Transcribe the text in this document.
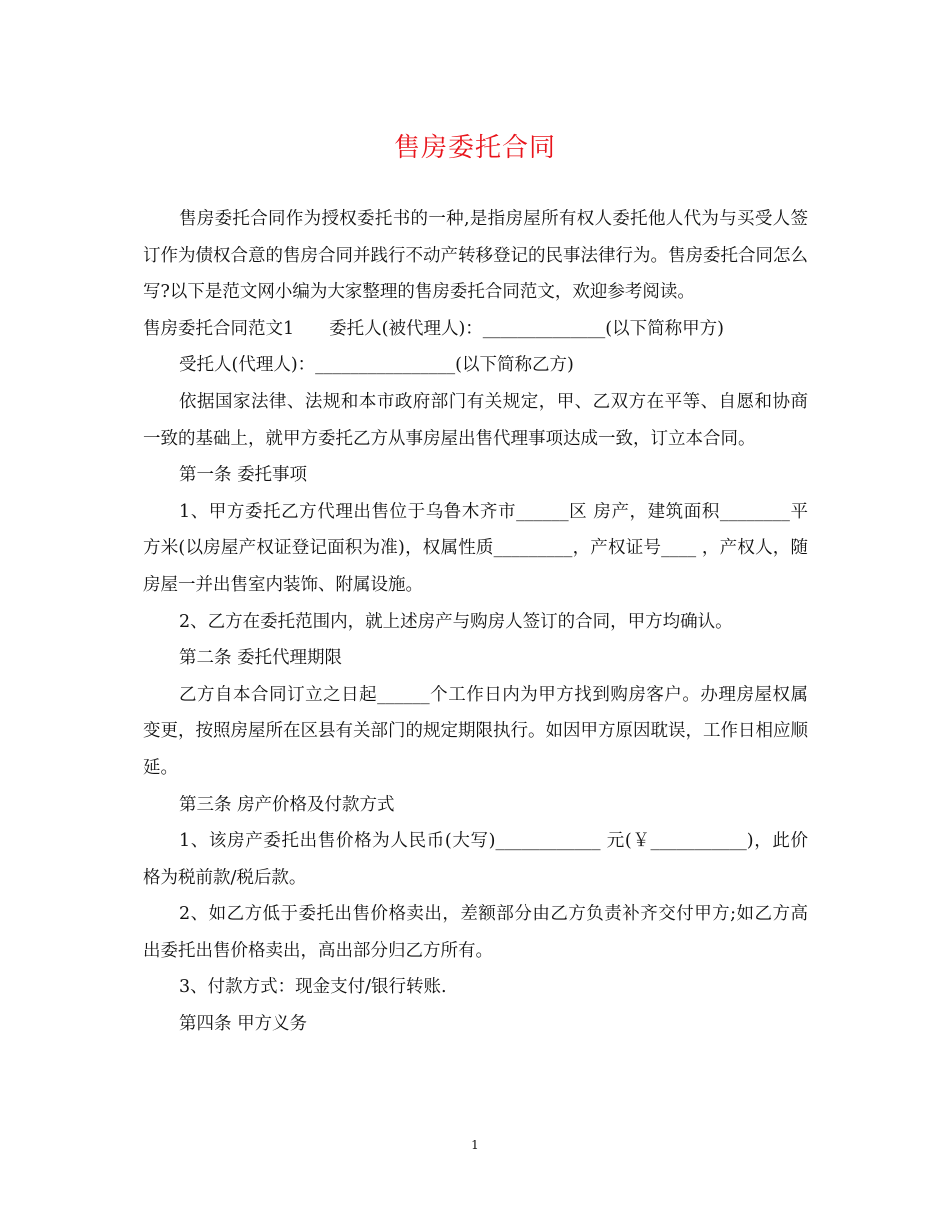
售房委托合同

售房委托合同作为授权委托书的一种,是指房屋所有权人委托他人代为与买受人签订作为债权合意的售房合同并践行不动产转移登记的民事法律行为。售房委托合同怎么写?以下是范文网小编为大家整理的售房委托合同范文，欢迎参考阅读。

售房委托合同范文1　　委托人(被代理人)：______________(以下简称甲方)

受托人(代理人)：________________(以下简称乙方)

依据国家法律、法规和本市政府部门有关规定，甲、乙双方在平等、自愿和协商一致的基础上，就甲方委托乙方从事房屋出售代理事项达成一致，订立本合同。

第一条 委托事项

1、甲方委托乙方代理出售位于乌鲁木齐市______区 房产，建筑面积________平方米(以房屋产权证登记面积为准)，权属性质_________，产权证号____ ，产权人，随房屋一并出售室内装饰、附属设施。

2、乙方在委托范围内，就上述房产与购房人签订的合同，甲方均确认。

第二条 委托代理期限

乙方自本合同订立之日起______个工作日内为甲方找到购房客户。办理房屋权属变更，按照房屋所在区县有关部门的规定期限执行。如因甲方原因耽误，工作日相应顺延。

第三条 房产价格及付款方式

1、该房产委托出售价格为人民币(大写)____________ 元(￥___________)，此价格为税前款/税后款。

2、如乙方低于委托出售价格卖出，差额部分由乙方负责补齐交付甲方;如乙方高出委托出售价格卖出，高出部分归乙方所有。

3、付款方式：现金支付/银行转账.

第四条 甲方义务

1
